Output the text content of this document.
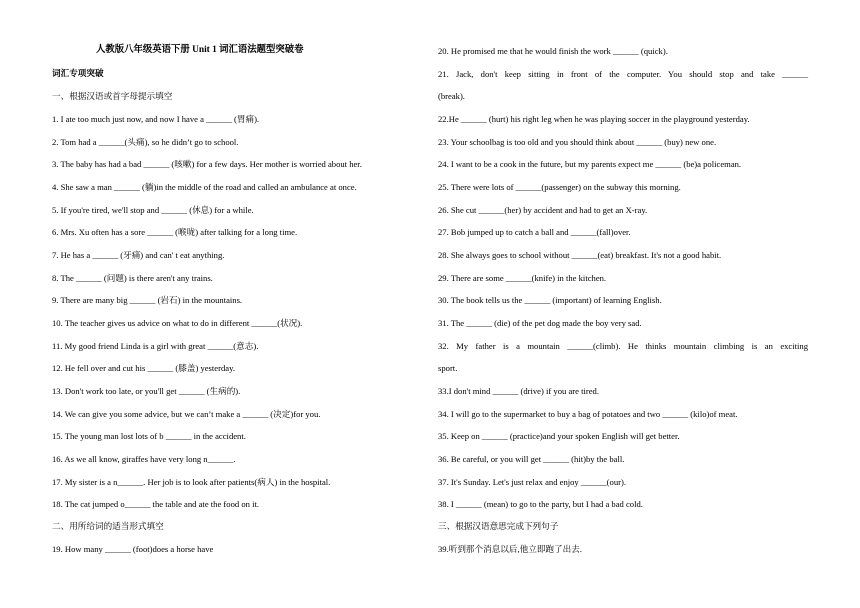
人教版八年级英语下册 Unit 1 词汇语法题型突破卷
词汇专项突破
一、根据汉语或首字母提示填空
1. I ate too much just now, and now I have a ______ (胃痛).
2. Tom had a ______(头痛), so he didn’t go to school.
3. The baby has had a bad ______ (咳嗽) for a few days. Her mother is worried about her.
4. She saw a man ______ (躺)in the middle of the road and called an ambulance at once.
5. If you're tired, we'll stop and ______ (休息) for a while.
6. Mrs. Xu often has a sore ______ (喉咙) after talking for a long time.
7. He has a ______ (牙痛) and can' t eat anything.
8. The ______ (问题) is there aren't any trains.
9. There are many big ______ (岩石) in the mountains.
10. The teacher gives us advice on what to do in different ______(状况).
11. My good friend Linda is a girl with great ______(意志).
12. He fell over and cut his ______ (膝盖) yesterday.
13. Don't work too late, or you'll get ______ (生病的).
14. We can give you some advice, but we can’t make a ______ (决定)for you.
15. The young man lost lots of b ______ in the accident.
16. As we all know, giraffes have very long n______.
17. My sister is a n______. Her job is to look after patients(病人) in the hospital.
18. The cat jumped o______ the table and ate the food on it.
二、用所给词的适当形式填空
19. How many ______ (foot)does a horse have
20. He promised me that he would finish the work ______ (quick).
21. Jack, don't keep sitting in front of the computer. You should stop and take ______
(break).
22.He ______ (hurt) his right leg when he was playing soccer in the playground yesterday.
23. Your schoolbag is too old and you should think about ______ (buy) new one.
24. I want to be a cook in the future, but my parents expect me ______ (be)a policeman.
25. There were lots of ______(passenger) on the subway this morning.
26. She cut ______(her) by accident and had to get an X-ray.
27. Bob jumped up to catch a ball and ______(fall)over.
28. She always goes to school without ______(eat) breakfast. It's not a good habit.
29. There are some ______(knife) in the kitchen.
30. The book tells us the ______ (important) of learning English.
31. The ______ (die) of the pet dog made the boy very sad.
32. My father is a mountain ______(climb). He thinks mountain climbing is an exciting
sport.
33.I don't mind ______ (drive) if you are tired.
34. I will go to the supermarket to buy a bag of potatoes and two ______ (kilo)of meat.
35. Keep on ______ (practice)and your spoken English will get better.
36. Be careful, or you will get ______ (hit)by the ball.
37. It's Sunday. Let's just relax and enjoy ______(our).
38. I ______ (mean) to go to the party, but I had a bad cold.
三、根据汉语意思完成下列句子
39.听到那个消息以后,他立即跑了出去.
